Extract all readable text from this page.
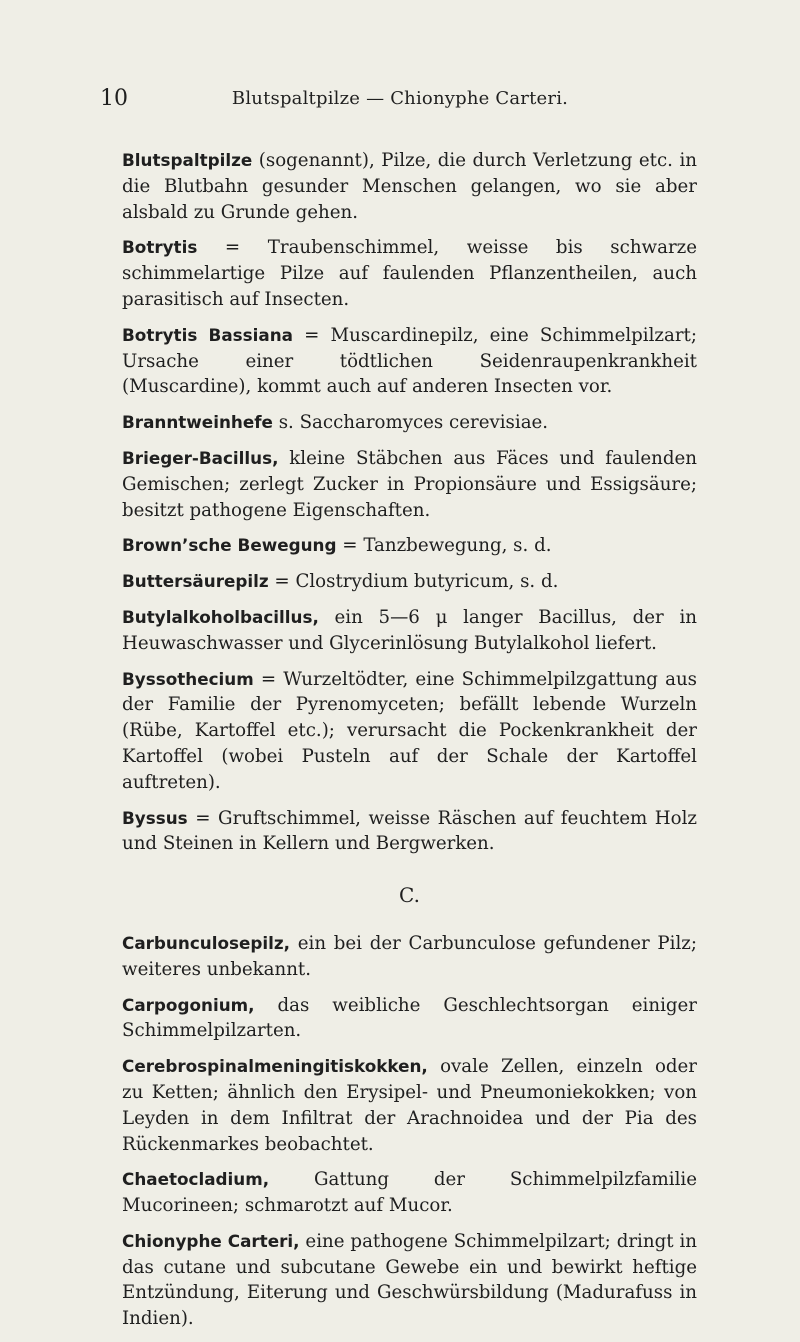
10	Blutspaltpilze — Chionyphe Carteri.

Blutspaltpilze (sogenannt), Pilze, die durch Verletzung etc. in die Blutbahn gesunder Menschen gelangen, wo sie aber alsbald zu Grunde gehen.

Botrytis = Traubenschimmel, weisse bis schwarze schimmelartige Pilze auf faulenden Pflanzentheilen, auch parasitisch auf Insecten.

Botrytis Bassiana = Muscardinepilz, eine Schimmelpilzart; Ursache einer tödtlichen Seidenraupenkrankheit (Muscardine), kommt auch auf anderen Insecten vor.

Branntweinhefe s. Saccharomyces cerevisiae.

Brieger-Bacillus, kleine Stäbchen aus Fäces und faulenden Gemischen; zerlegt Zucker in Propionsäure und Essigsäure; besitzt pathogene Eigenschaften.

Brown’sche Bewegung = Tanzbewegung, s. d.

Buttersäurepilz = Clostrydium butyricum, s. d.

Butylalkoholbacillus, ein 5—6 μ langer Bacillus, der in Heuwaschwasser und Glycerinlösung Butylalkohol liefert.

Byssothecium = Wurzeltödter, eine Schimmelpilzgattung aus der Familie der Pyrenomyceten; befällt lebende Wurzeln (Rübe, Kartoffel etc.); verursacht die Pockenkrankheit der Kartoffel (wobei Pusteln auf der Schale der Kartoffel auftreten).

Byssus = Gruftschimmel, weisse Räschen auf feuchtem Holz und Steinen in Kellern und Bergwerken.

C.

Carbunculosepilz, ein bei der Carbunculose gefundener Pilz; weiteres unbekannt.

Carpogonium, das weibliche Geschlechtsorgan einiger Schimmelpilzarten.

Cerebrospinalmeningitiskokken, ovale Zellen, einzeln oder zu Ketten; ähnlich den Erysipel- und Pneumoniekokken; von Leyden in dem Infiltrat der Arachnoidea und der Pia des Rückenmarkes beobachtet.

Chaetocladium, Gattung der Schimmelpilzfamilie Mucorineen; schmarotzt auf Mucor.

Chionyphe Carteri, eine pathogene Schimmelpilzart; dringt in das cutane und subcutane Gewebe ein und bewirkt heftige Entzündung, Eiterung und Geschwürsbildung (Madurafuss in Indien).
